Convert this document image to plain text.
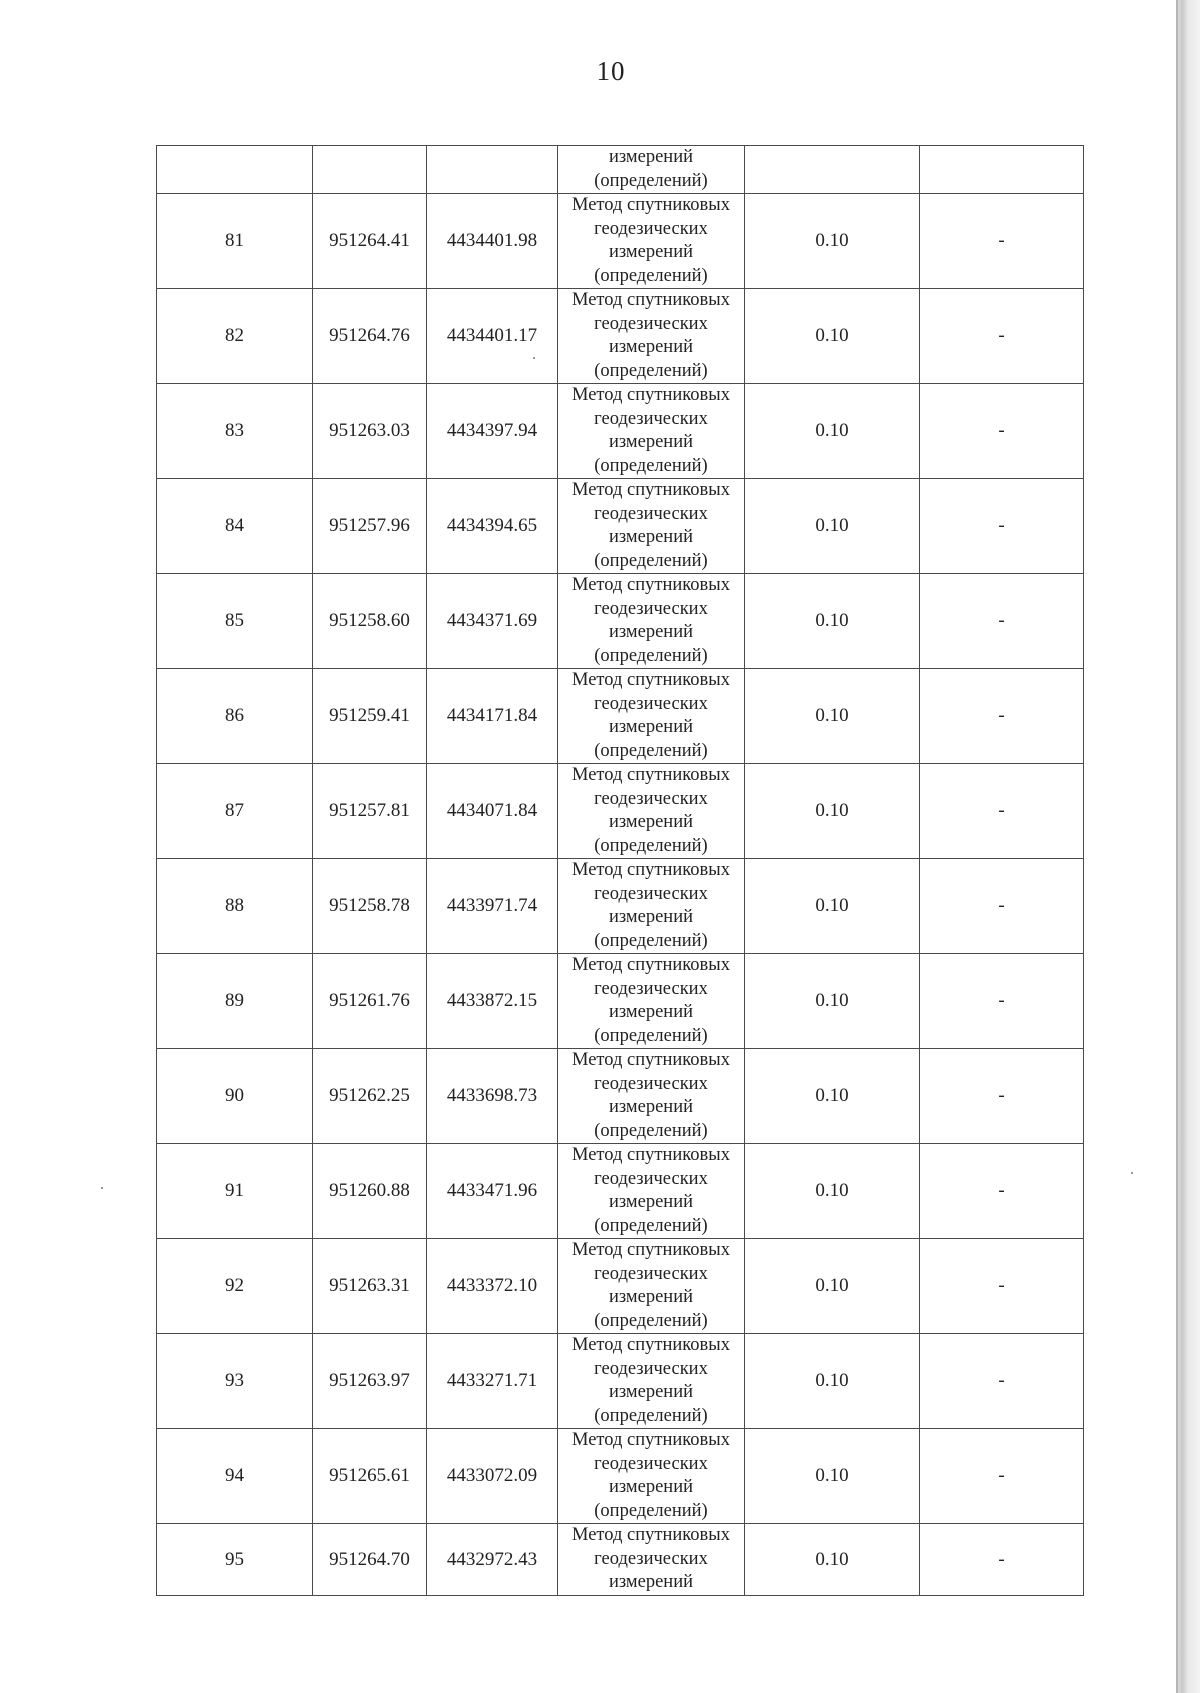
10

			измерений
(определений)		

81	951264.41	4434401.98	Метод спутниковых
геодезических
измерений
(определений)	0.10	-
82	951264.76	4434401.17	Метод спутниковых
геодезических
измерений
(определений)	0.10	-
83	951263.03	4434397.94	Метод спутниковых
геодезических
измерений
(определений)	0.10	-
84	951257.96	4434394.65	Метод спутниковых
геодезических
измерений
(определений)	0.10	-
85	951258.60	4434371.69	Метод спутниковых
геодезических
измерений
(определений)	0.10	-
86	951259.41	4434171.84	Метод спутниковых
геодезических
измерений
(определений)	0.10	-
87	951257.81	4434071.84	Метод спутниковых
геодезических
измерений
(определений)	0.10	-
88	951258.78	4433971.74	Метод спутниковых
геодезических
измерений
(определений)	0.10	-
89	951261.76	4433872.15	Метод спутниковых
геодезических
измерений
(определений)	0.10	-
90	951262.25	4433698.73	Метод спутниковых
геодезических
измерений
(определений)	0.10	-
91	951260.88	4433471.96	Метод спутниковых
геодезических
измерений
(определений)	0.10	-
92	951263.31	4433372.10	Метод спутниковых
геодезических
измерений
(определений)	0.10	-
93	951263.97	4433271.71	Метод спутниковых
геодезических
измерений
(определений)	0.10	-
94	951265.61	4433072.09	Метод спутниковых
геодезических
измерений
(определений)	0.10	-
95	951264.70	4432972.43	Метод спутниковых
геодезических
измерений	0.10	-
